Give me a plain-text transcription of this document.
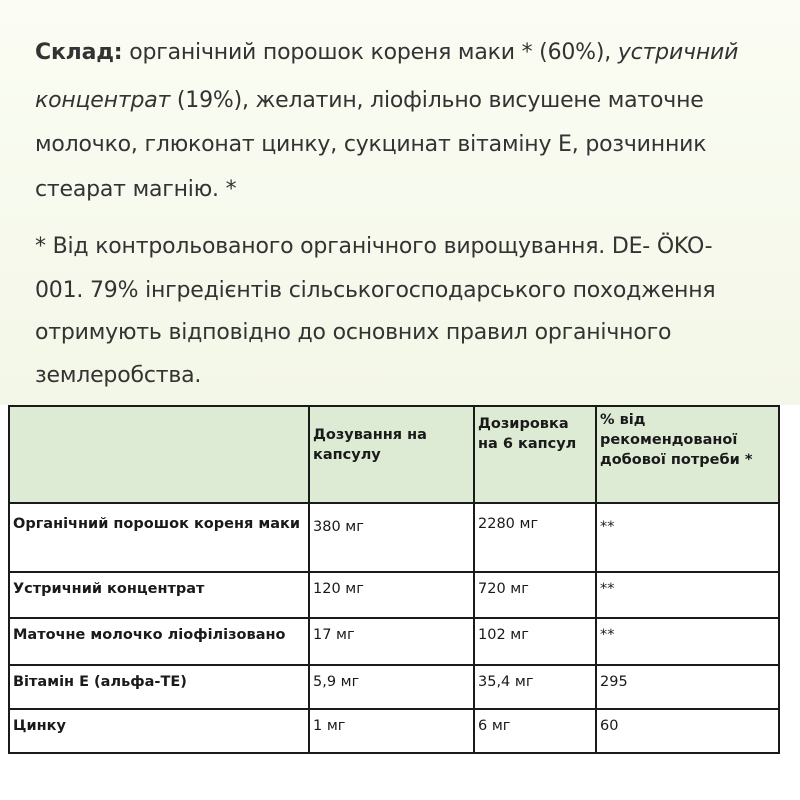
Склад: органічний порошок кореня маки * (60%), устричний
концентрат (19%), желатин, ліофільно висушене маточне
молочко, глюконат цинку, сукцинат вітаміну Е, розчинник
стеарат магнію. *
* Від контрольованого органічного вирощування. DE- ÖKO-
001. 79% інгредієнтів сільськогосподарського походження
отримують відповідно до основних правил органічного
землеробства.
	Дозування на капсулу	Дозировка на 6 капсул	% від рекомендованої добової потреби *
Органічний порошок кореня маки	380 мг	2280 мг	**
Устричний концентрат	120 мг	720 мг	**
Маточне молочко ліофілізовано	17 мг	102 мг	**
Вітамін Е (альфа-ТЕ)	5,9 мг	35,4 мг	295
Цинку	1 мг	6 мг	60
